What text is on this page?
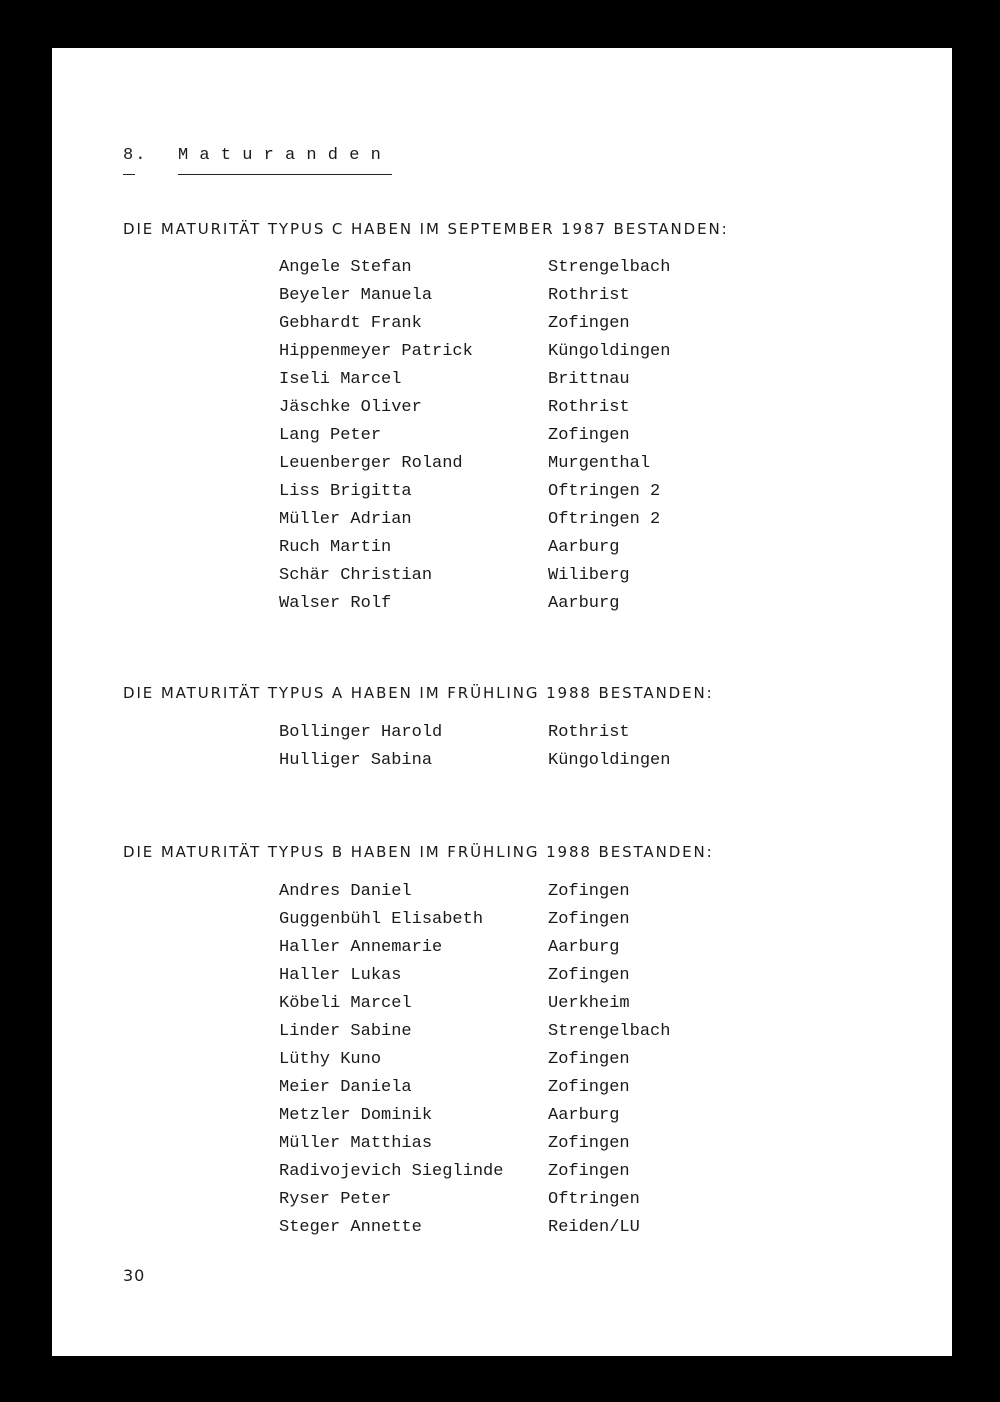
8. Maturanden
DIE MATURITÄT TYPUS C HABEN IM SEPTEMBER 1987 BESTANDEN:
Angele Stefan	Strengelbach
Beyeler Manuela	Rothrist
Gebhardt Frank	Zofingen
Hippenmeyer Patrick	Küngoldingen
Iseli Marcel	Brittnau
Jäschke Oliver	Rothrist
Lang Peter	Zofingen
Leuenberger Roland	Murgenthal
Liss Brigitta	Oftringen 2
Müller Adrian	Oftringen 2
Ruch Martin	Aarburg
Schär Christian	Wiliberg
Walser Rolf	Aarburg
DIE MATURITÄT TYPUS A HABEN IM FRÜHLING 1988 BESTANDEN:
Bollinger Harold	Rothrist
Hulliger Sabina	Küngoldingen
DIE MATURITÄT TYPUS B HABEN IM FRÜHLING 1988 BESTANDEN:
Andres Daniel	Zofingen
Guggenbühl Elisabeth	Zofingen
Haller Annemarie	Aarburg
Haller Lukas	Zofingen
Köbeli Marcel	Uerkheim
Linder Sabine	Strengelbach
Lüthy Kuno	Zofingen
Meier Daniela	Zofingen
Metzler Dominik	Aarburg
Müller Matthias	Zofingen
Radivojevich Sieglinde	Zofingen
Ryser Peter	Oftringen
Steger Annette	Reiden/LU
30
